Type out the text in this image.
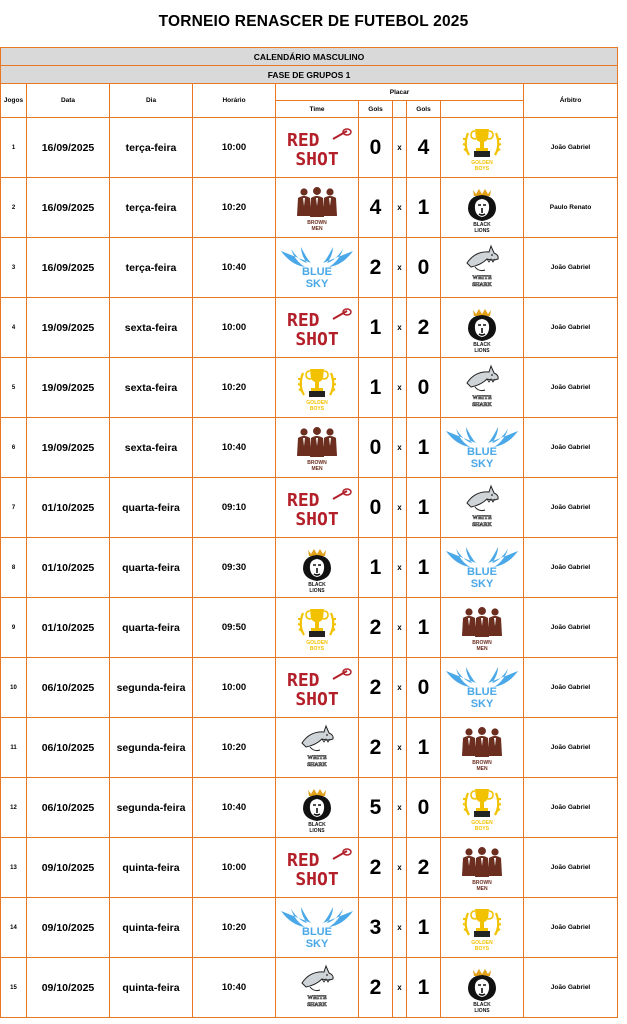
TORNEIO RENASCER DE FUTEBOL 2025
CALENDÁRIO MASCULINO									
FASE DE GRUPOS 1									
Jogos	Data	Dia	Horário	Placar					Árbitro
				Time	Gols		Gols		
1	16/09/2025	terça-feira	10:00	RED
SHOT	0	x	4	GOLDEN
BOYS	João Gabriel
2	16/09/2025	terça-feira	10:20	BROWN
MEN	4	x	1	BLACK
LIONS	Paulo Renato
3	16/09/2025	terça-feira	10:40	BLUE
SKY	2	x	0	WHITE
SHARK	João Gabriel
4	19/09/2025	sexta-feira	10:00	RED
SHOT	1	x	2	BLACK
LIONS	João Gabriel
5	19/09/2025	sexta-feira	10:20	GOLDEN
BOYS	1	x	0	WHITE
SHARK	João Gabriel
6	19/09/2025	sexta-feira	10:40	BROWN
MEN	0	x	1	BLUE
SKY	João Gabriel
7	01/10/2025	quarta-feira	09:10	RED
SHOT	0	x	1	WHITE
SHARK	João Gabriel
8	01/10/2025	quarta-feira	09:30	BLACK
LIONS	1	x	1	BLUE
SKY	João Gabriel
9	01/10/2025	quarta-feira	09:50	GOLDEN
BOYS	2	x	1	BROWN
MEN	João Gabriel
10	06/10/2025	segunda-feira	10:00	RED
SHOT	2	x	0	BLUE
SKY	João Gabriel
11	06/10/2025	segunda-feira	10:20	WHITE
SHARK	2	x	1	BROWN
MEN	João Gabriel
12	06/10/2025	segunda-feira	10:40	BLACK
LIONS	5	x	0	GOLDEN
BOYS	João Gabriel
13	09/10/2025	quinta-feira	10:00	RED
SHOT	2	x	2	BROWN
MEN	João Gabriel
14	09/10/2025	quinta-feira	10:20	BLUE
SKY	3	x	1	GOLDEN
BOYS	João Gabriel
15	09/10/2025	quinta-feira	10:40	WHITE
SHARK	2	x	1	BLACK
LIONS	João Gabriel
